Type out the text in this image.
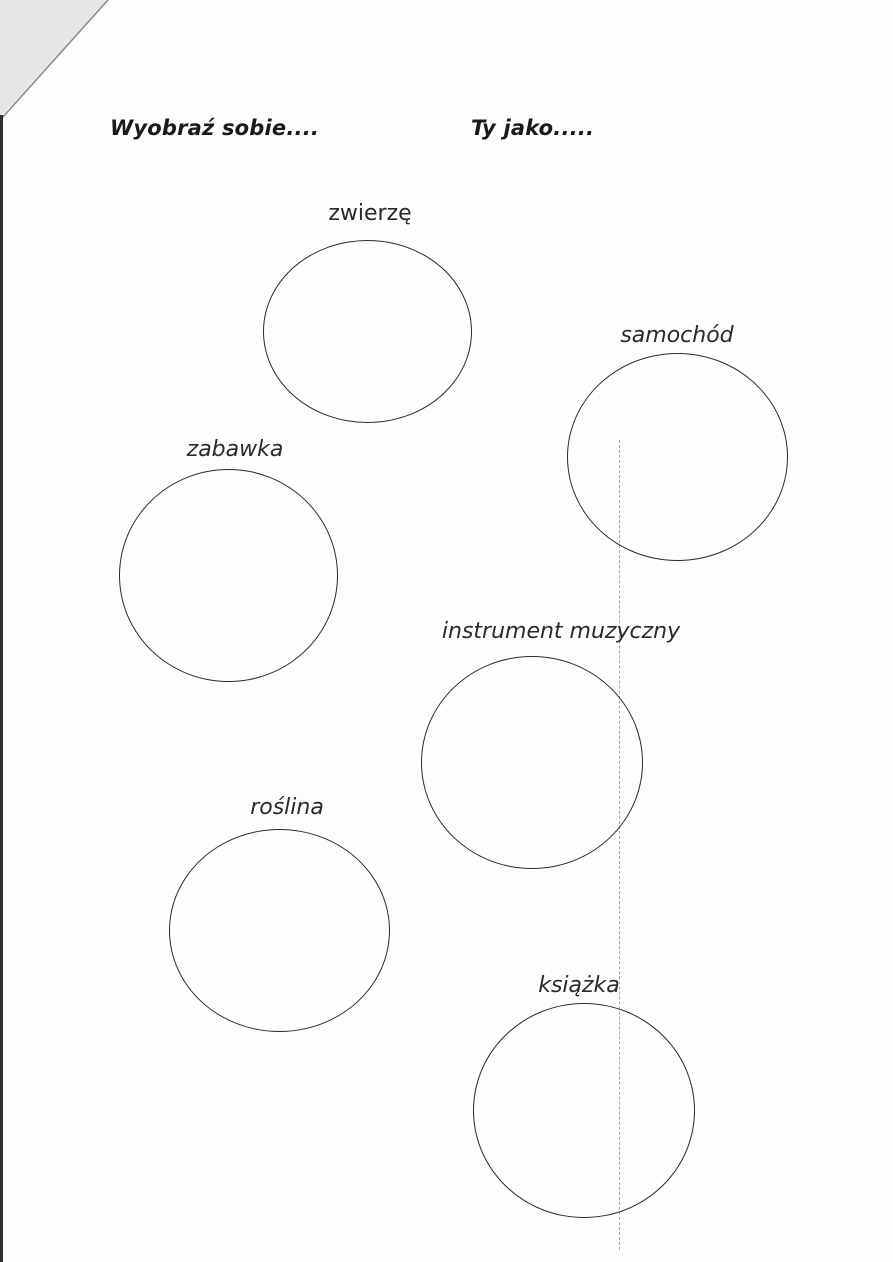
Wyobraź sobie....	Ty jako.....
zwierzę
samochód
zabawka
instrument muzyczny
roślina
książka
